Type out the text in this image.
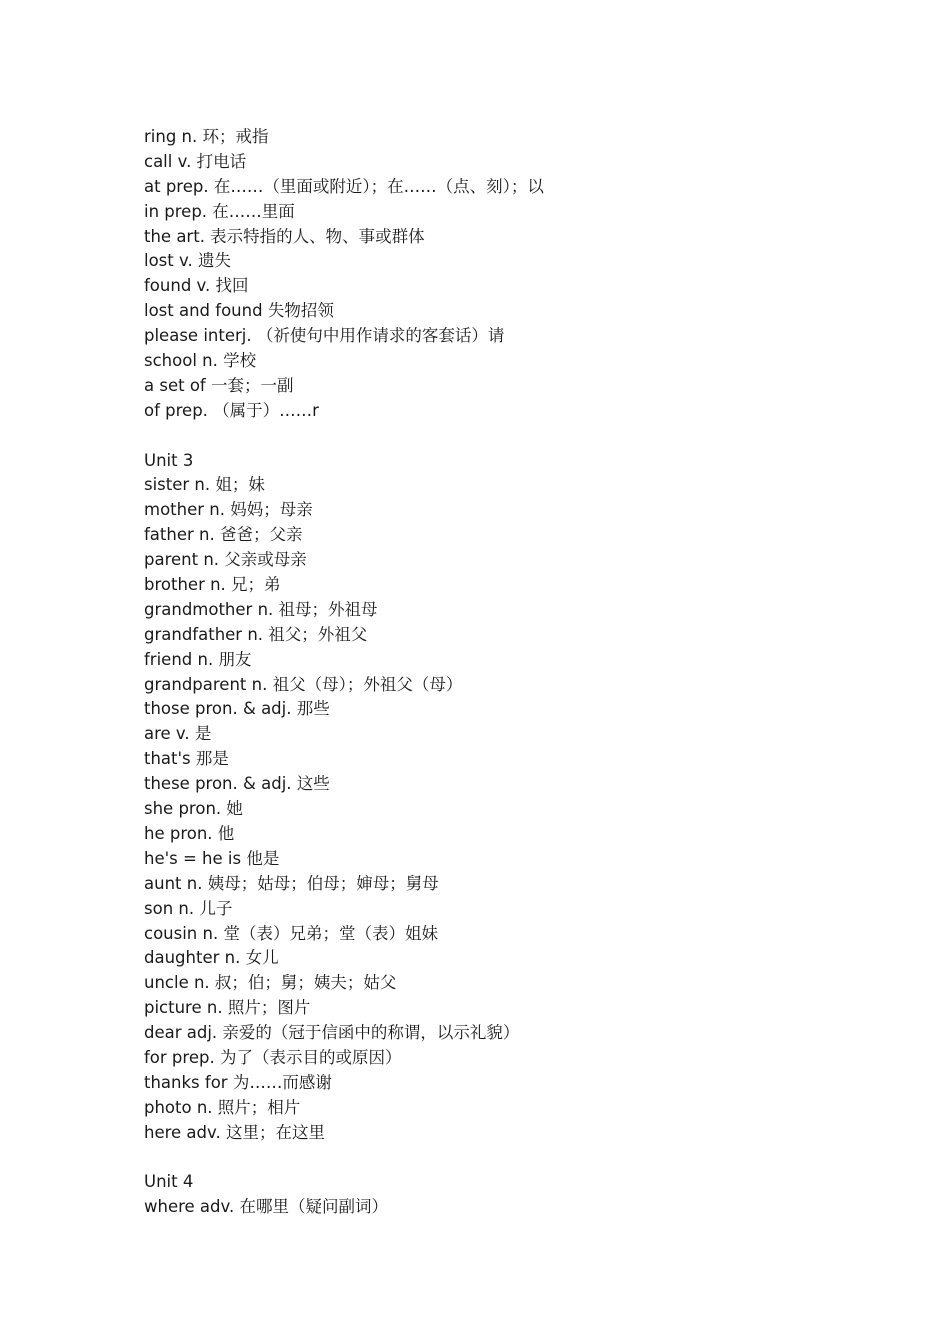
ring n. 环；戒指
call v. 打电话
at prep. 在……（里面或附近）；在……（点、刻）；以
in prep. 在……里面
the art. 表示特指的人、物、事或群体
lost v. 遗失
found v. 找回
lost and found 失物招领
please interj. （祈使句中用作请求的客套话）请
school n. 学校
a set of 一套；一副
of prep. （属于）……r
Unit 3
sister n. 姐；妹
mother n. 妈妈；母亲
father n. 爸爸；父亲
parent n. 父亲或母亲
brother n. 兄；弟
grandmother n. 祖母；外祖母
grandfather n. 祖父；外祖父
friend n. 朋友
grandparent n. 祖父（母）；外祖父（母）
those pron. & adj. 那些
are v. 是
that's 那是
these pron. & adj. 这些
she pron. 她
he pron. 他
he's = he is 他是
aunt n. 姨母；姑母；伯母；婶母；舅母
son n. 儿子
cousin n. 堂（表）兄弟；堂（表）姐妹
daughter n. 女儿
uncle n. 叔；伯；舅；姨夫；姑父
picture n. 照片；图片
dear adj. 亲爱的（冠于信函中的称谓，以示礼貌）
for prep. 为了（表示目的或原因）
thanks for 为……而感谢
photo n. 照片；相片
here adv. 这里；在这里
Unit 4
where adv. 在哪里（疑问副词）
